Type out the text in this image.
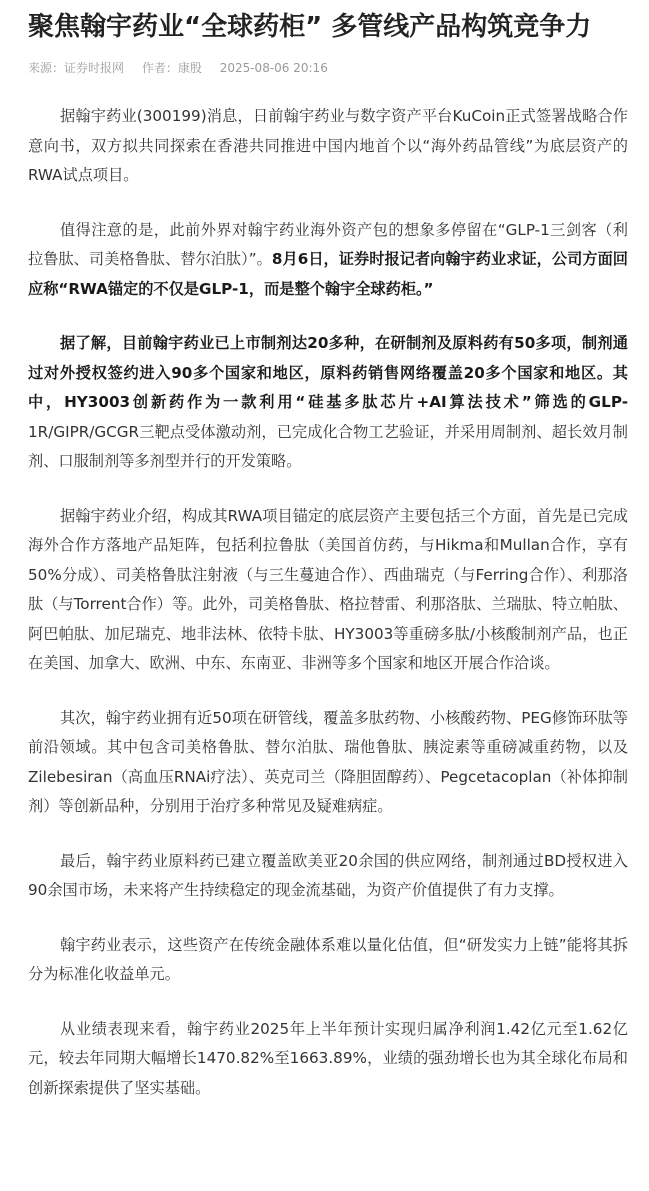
聚焦翰宇药业“全球药柜” 多管线产品构筑竞争力
来源：证券时报网 作者：康殷 2025-08-06 20:16

据翰宇药业(300199)消息，日前翰宇药业与数字资产平台KuCoin正式签署战略合作意向书，双方拟共同探索在香港共同推进中国内地首个以“海外药品管线”为底层资产的RWA试点项目。

值得注意的是，此前外界对翰宇药业海外资产包的想象多停留在“GLP-1三剑客（利拉鲁肽、司美格鲁肽、替尔泊肽）”。8月6日，证券时报记者向翰宇药业求证，公司方面回应称“RWA锚定的不仅是GLP-1，而是整个翰宇全球药柜。”

据了解，目前翰宇药业已上市制剂达20多种，在研制剂及原料药有50多项，制剂通过对外授权签约进入90多个国家和地区，原料药销售网络覆盖20多个国家和地区。其中，HY3003创新药作为一款利用“硅基多肽芯片+AI算法技术”筛选的GLP-1R/GIPR/GCGR三靶点受体激动剂，已完成化合物工艺验证，并采用周制剂、超长效月制剂、口服制剂等多剂型并行的开发策略。

据翰宇药业介绍，构成其RWA项目锚定的底层资产主要包括三个方面，首先是已完成海外合作方落地产品矩阵，包括利拉鲁肽（美国首仿药，与Hikma和Mullan合作，享有50%分成）、司美格鲁肽注射液（与三生蔓迪合作）、西曲瑞克（与Ferring合作）、利那洛肽（与Torrent合作）等。此外，司美格鲁肽、格拉替雷、利那洛肽、兰瑞肽、特立帕肽、阿巴帕肽、加尼瑞克、地非法林、依特卡肽、HY3003等重磅多肽/小核酸制剂产品，也正在美国、加拿大、欧洲、中东、东南亚、非洲等多个国家和地区开展合作洽谈。

其次，翰宇药业拥有近50项在研管线，覆盖多肽药物、小核酸药物、PEG修饰环肽等前沿领域。其中包含司美格鲁肽、替尔泊肽、瑞他鲁肽、胰淀素等重磅减重药物，以及Zilebesiran（高血压RNAi疗法）、英克司兰（降胆固醇药）、Pegcetacoplan（补体抑制剂）等创新品种，分别用于治疗多种常见及疑难病症。

最后，翰宇药业原料药已建立覆盖欧美亚20余国的供应网络，制剂通过BD授权进入90余国市场，未来将产生持续稳定的现金流基础，为资产价值提供了有力支撑。

翰宇药业表示，这些资产在传统金融体系难以量化估值，但“研发实力上链”能将其拆分为标准化收益单元。

从业绩表现来看，翰宇药业2025年上半年预计实现归属净利润1.42亿元至1.62亿元，较去年同期大幅增长1470.82%至1663.89%，业绩的强劲增长也为其全球化布局和创新探索提供了坚实基础。
